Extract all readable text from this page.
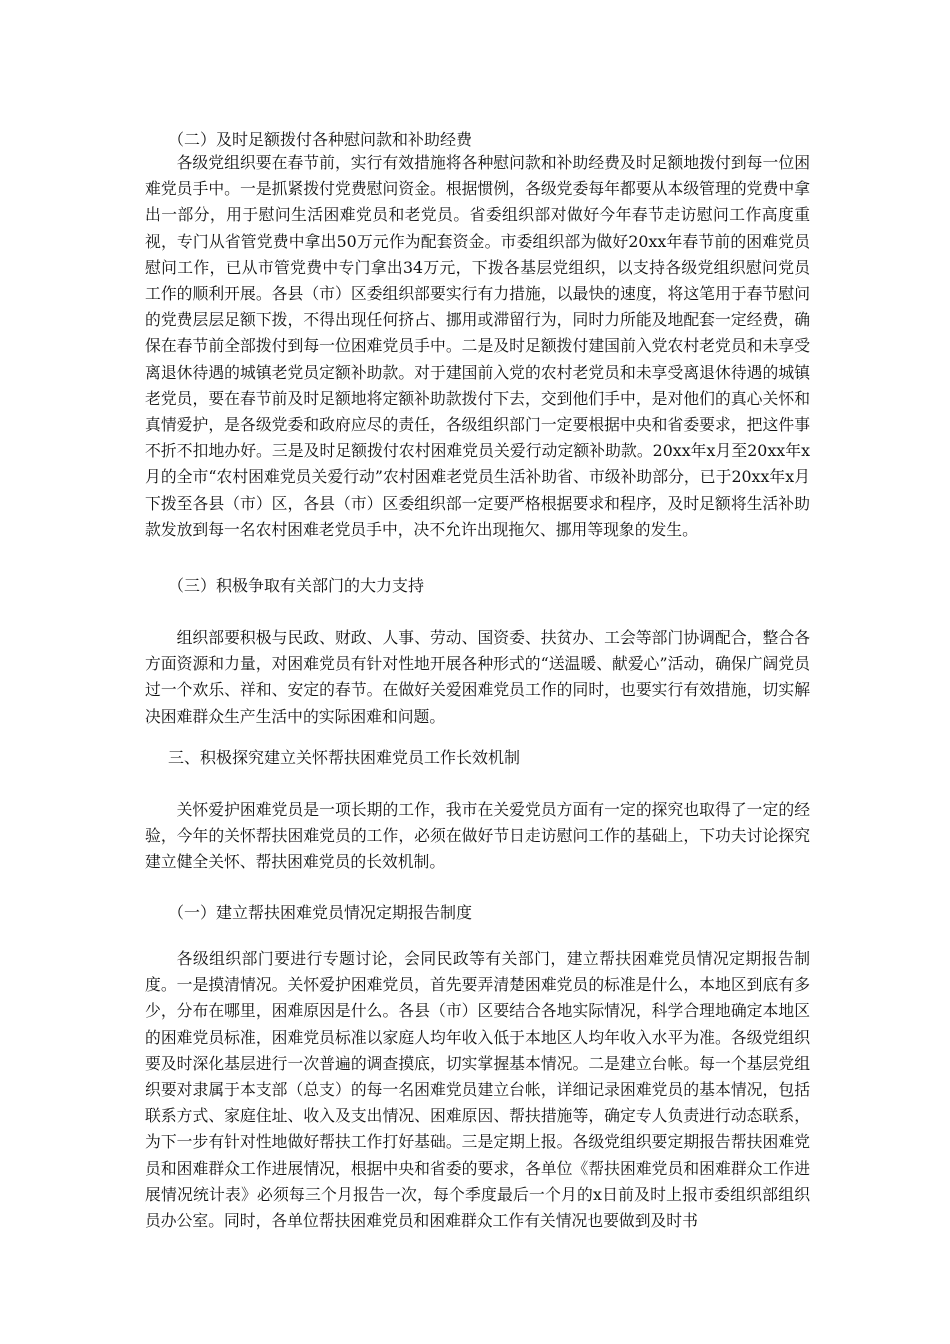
（二）及时足额拨付各种慰问款和补助经费

各级党组织要在春节前，实行有效措施将各种慰问款和补助经费及时足额地拨付到每一位困难党员手中。一是抓紧拨付党费慰问资金。根据惯例，各级党委每年都要从本级管理的党费中拿出一部分，用于慰问生活困难党员和老党员。省委组织部对做好今年春节走访慰问工作高度重视，专门从省管党费中拿出50万元作为配套资金。市委组织部为做好20xx年春节前的困难党员慰问工作，已从市管党费中专门拿出34万元，下拨各基层党组织，以支持各级党组织慰问党员工作的顺利开展。各县（市）区委组织部要实行有力措施，以最快的速度，将这笔用于春节慰问的党费层层足额下拨，不得出现任何挤占、挪用或滞留行为，同时力所能及地配套一定经费，确保在春节前全部拨付到每一位困难党员手中。二是及时足额拨付建国前入党农村老党员和未享受离退休待遇的城镇老党员定额补助款。对于建国前入党的农村老党员和未享受离退休待遇的城镇老党员，要在春节前及时足额地将定额补助款拨付下去，交到他们手中，是对他们的真心关怀和真情爱护，是各级党委和政府应尽的责任，各级组织部门一定要根据中央和省委要求，把这件事不折不扣地办好。三是及时足额拨付农村困难党员关爱行动定额补助款。20xx年x月至20xx年x月的全市“农村困难党员关爱行动”农村困难老党员生活补助省、市级补助部分，已于20xx年x月下拨至各县（市）区，各县（市）区委组织部一定要严格根据要求和程序，及时足额将生活补助款发放到每一名农村困难老党员手中，决不允许出现拖欠、挪用等现象的发生。

（三）积极争取有关部门的大力支持

组织部要积极与民政、财政、人事、劳动、国资委、扶贫办、工会等部门协调配合，整合各方面资源和力量，对困难党员有针对性地开展各种形式的“送温暖、献爱心”活动，确保广阔党员过一个欢乐、祥和、安定的春节。在做好关爱困难党员工作的同时，也要实行有效措施，切实解决困难群众生产生活中的实际困难和问题。

三、积极探究建立关怀帮扶困难党员工作长效机制

关怀爱护困难党员是一项长期的工作，我市在关爱党员方面有一定的探究也取得了一定的经验，今年的关怀帮扶困难党员的工作，必须在做好节日走访慰问工作的基础上，下功夫讨论探究建立健全关怀、帮扶困难党员的长效机制。

（一）建立帮扶困难党员情况定期报告制度

各级组织部门要进行专题讨论，会同民政等有关部门，建立帮扶困难党员情况定期报告制度。一是摸清情况。关怀爱护困难党员，首先要弄清楚困难党员的标准是什么，本地区到底有多少，分布在哪里，困难原因是什么。各县（市）区要结合各地实际情况，科学合理地确定本地区的困难党员标准，困难党员标准以家庭人均年收入低于本地区人均年收入水平为准。各级党组织要及时深化基层进行一次普遍的调查摸底，切实掌握基本情况。二是建立台帐。每一个基层党组织要对隶属于本支部（总支）的每一名困难党员建立台帐，详细记录困难党员的基本情况，包括联系方式、家庭住址、收入及支出情况、困难原因、帮扶措施等，确定专人负责进行动态联系，为下一步有针对性地做好帮扶工作打好基础。三是定期上报。各级党组织要定期报告帮扶困难党员和困难群众工作进展情况，根据中央和省委的要求，各单位《帮扶困难党员和困难群众工作进展情况统计表》必须每三个月报告一次，每个季度最后一个月的x日前及时上报市委组织部组织员办公室。同时，各单位帮扶困难党员和困难群众工作有关情况也要做到及时书
